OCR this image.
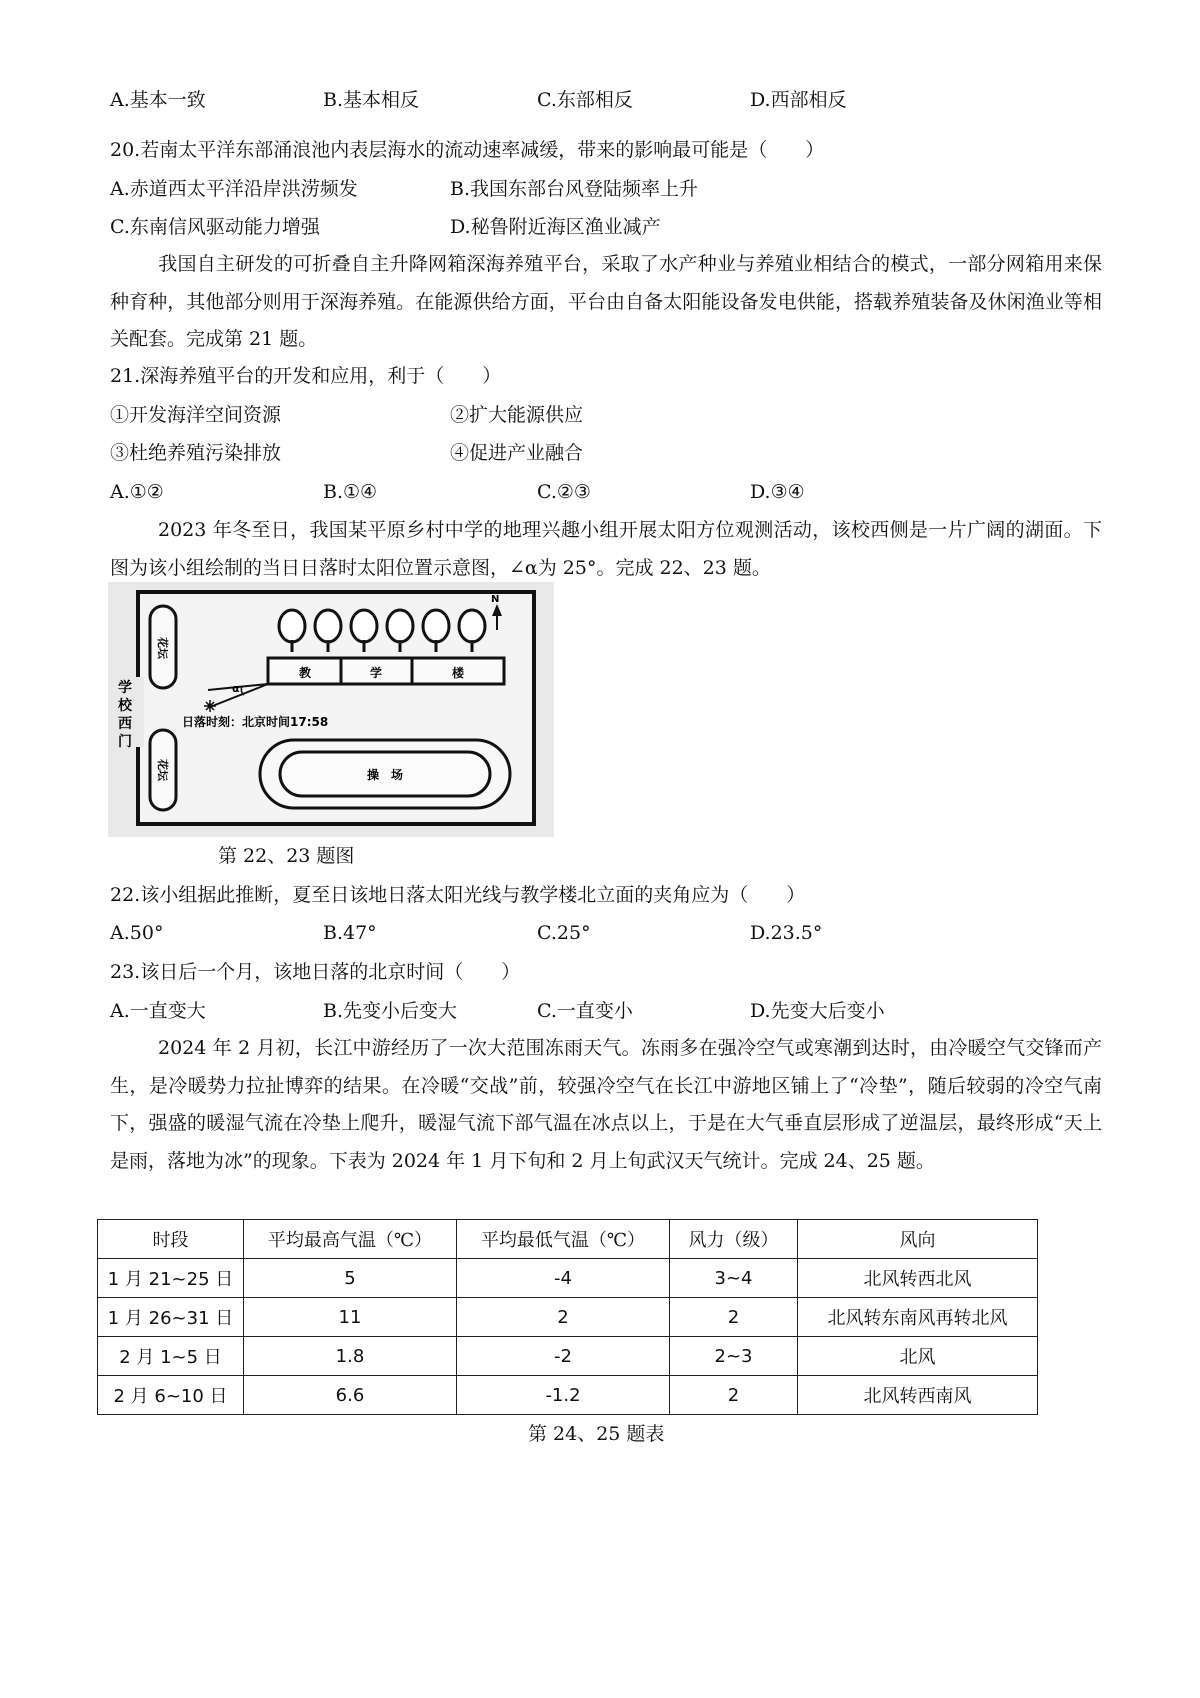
A.基本一致	B.基本相反	C.东部相反	D.西部相反
20.若南太平洋东部涌浪池内表层海水的流动速率减缓，带来的影响最可能是（　　）
A.赤道西太平洋沿岸洪涝频发	B.我国东部台风登陆频率上升
C.东南信风驱动能力增强	D.秘鲁附近海区渔业减产
我国自主研发的可折叠自主升降网箱深海养殖平台，采取了水产种业与养殖业相结合的模式，一部分网箱用来保种育种，其他部分则用于深海养殖。在能源供给方面，平台由自备太阳能设备发电供能，搭载养殖装备及休闲渔业等相关配套。完成第 21 题。
21.深海养殖平台的开发和应用，利于（　　）
①开发海洋空间资源	②扩大能源供应
③杜绝养殖污染排放	④促进产业融合
A.①②	B.①④	C.②③	D.③④
2023 年冬至日，我国某平原乡村中学的地理兴趣小组开展太阳方位观测活动，该校西侧是一片广阔的湖面。下图为该小组绘制的当日日落时太阳位置示意图，∠α为 25°。完成 22、23 题。
学
校
西
门
花坛
花坛
N
教	学	楼
α
日落时刻：北京时间17:58
操　场
第 22、23 题图
22.该小组据此推断，夏至日该地日落太阳光线与教学楼北立面的夹角应为（　　）
A.50°	B.47°	C.25°	D.23.5°
23.该日后一个月，该地日落的北京时间（　　）
A.一直变大	B.先变小后变大	C.一直变小	D.先变大后变小
2024 年 2 月初，长江中游经历了一次大范围冻雨天气。冻雨多在强冷空气或寒潮到达时，由冷暖空气交锋而产生，是冷暖势力拉扯博弈的结果。在冷暖“交战”前，较强冷空气在长江中游地区铺上了“冷垫”，随后较弱的冷空气南下，强盛的暖湿气流在冷垫上爬升，暖湿气流下部气温在冰点以上，于是在大气垂直层形成了逆温层，最终形成“天上是雨，落地为冰”的现象。下表为 2024 年 1 月下旬和 2 月上旬武汉天气统计。完成 24、25 题。
时段	平均最高气温（℃）	平均最低气温（℃）	风力（级）	风向
1 月 21~25 日	5	-4	3~4	北风转西北风
1 月 26~31 日	11	2	2	北风转东南风再转北风
2 月 1~5 日	1.8	-2	2~3	北风
2 月 6~10 日	6.6	-1.2	2	北风转西南风
第 24、25 题表
